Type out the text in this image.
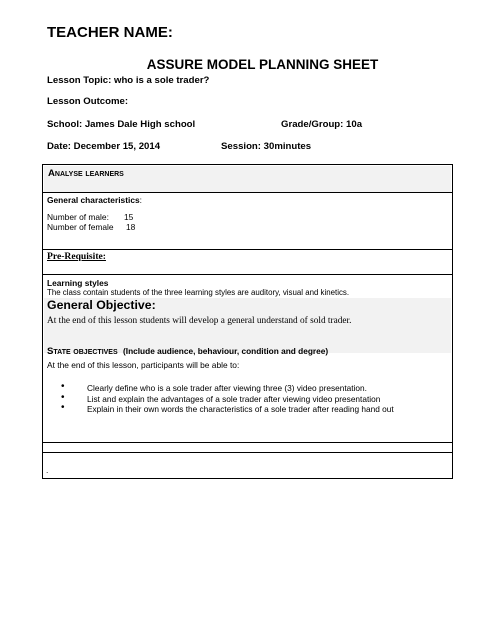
TEACHER NAME:
ASSURE MODEL PLANNING SHEET
Lesson Topic: who is a sole trader?
Lesson Outcome:
School: James Dale High school	Grade/Group: 10a
Date: December 15, 2014	Session: 30minutes
Analyse learners
General characteristics:
Number of male: 15
Number of female 18
Pre-Requisite:
Learning styles
The class contain students of the three learning styles are auditory, visual and kinetics.
General Objective:
At the end of this lesson students will develop a general understand of sold trader.
State objectives (Include audience, behaviour, condition and degree)
At the end of this lesson, participants will be able to:
• Clearly define who is a sole trader after viewing three (3) video presentation.
• List and explain the advantages of a sole trader after viewing video presentation
• Explain in their own words the characteristics of a sole trader after reading hand out
.
